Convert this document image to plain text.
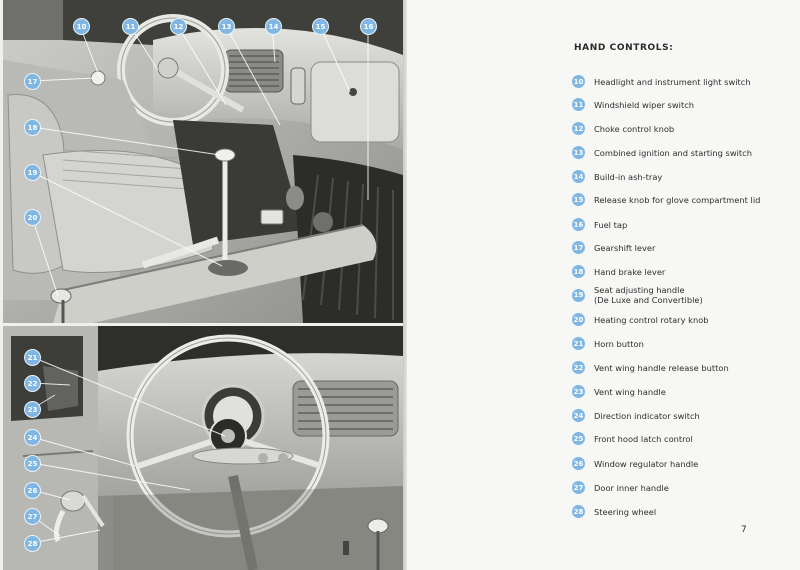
10	11	12	13	14	15	16
17
18
19
20
21
22
23
24
25
26
27
28
HAND CONTROLS:
10 Headlight and instrument light switch
11 Windshield wiper switch
12 Choke control knob
13 Combined ignition and starting switch
14 Build-in ash-tray
15 Release knob for glove compartment lid
16 Fuel tap
17 Gearshift lever
18 Hand brake lever
19 Seat adjusting handle
(De Luxe and Convertible)
20 Heating control rotary knob
21 Horn button
22 Vent wing handle release button
23 Vent wing handle
24 Direction indicator switch
25 Front hood latch control
26 Window regulator handle
27 Door inner handle
28 Steering wheel
7
